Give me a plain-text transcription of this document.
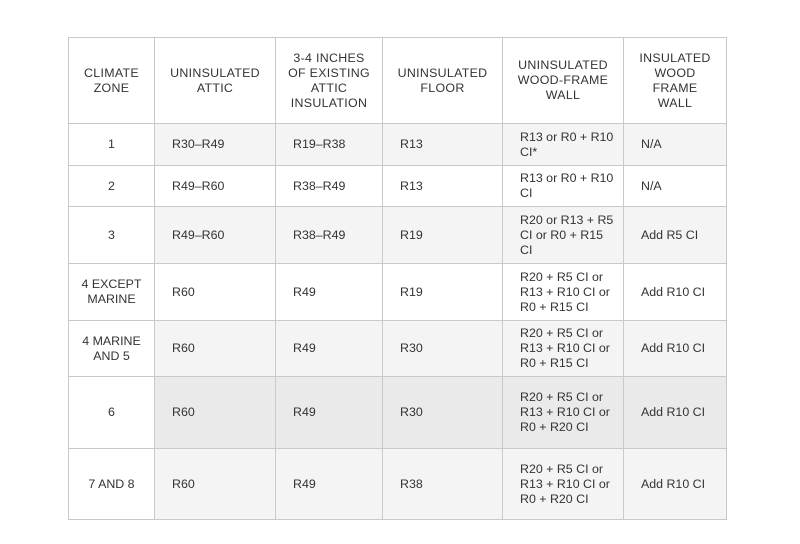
CLIMATE ZONE	UNINSULATED ATTIC	3-4 INCHES OF EXISTING ATTIC INSULATION	UNINSULATED FLOOR	UNINSULATED WOOD-FRAME WALL	INSULATED WOOD FRAME WALL
1	R30–R49	R19–R38	R13	R13 or R0 + R10 CI*	N/A
2	R49–R60	R38–R49	R13	R13 or R0 + R10 CI	N/A
3	R49–R60	R38–R49	R19	R20 or R13 + R5 CI or R0 + R15 CI	Add R5 CI
4 EXCEPT MARINE	R60	R49	R19	R20 + R5 CI or R13 + R10 CI or R0 + R15 CI	Add R10 CI
4 MARINE AND 5	R60	R49	R30	R20 + R5 CI or R13 + R10 CI or R0 + R15 CI	Add R10 CI
6	R60	R49	R30	R20 + R5 CI or R13 + R10 CI or R0 + R20 CI	Add R10 CI
7 AND 8	R60	R49	R38	R20 + R5 CI or R13 + R10 CI or R0 + R20 CI	Add R10 CI
